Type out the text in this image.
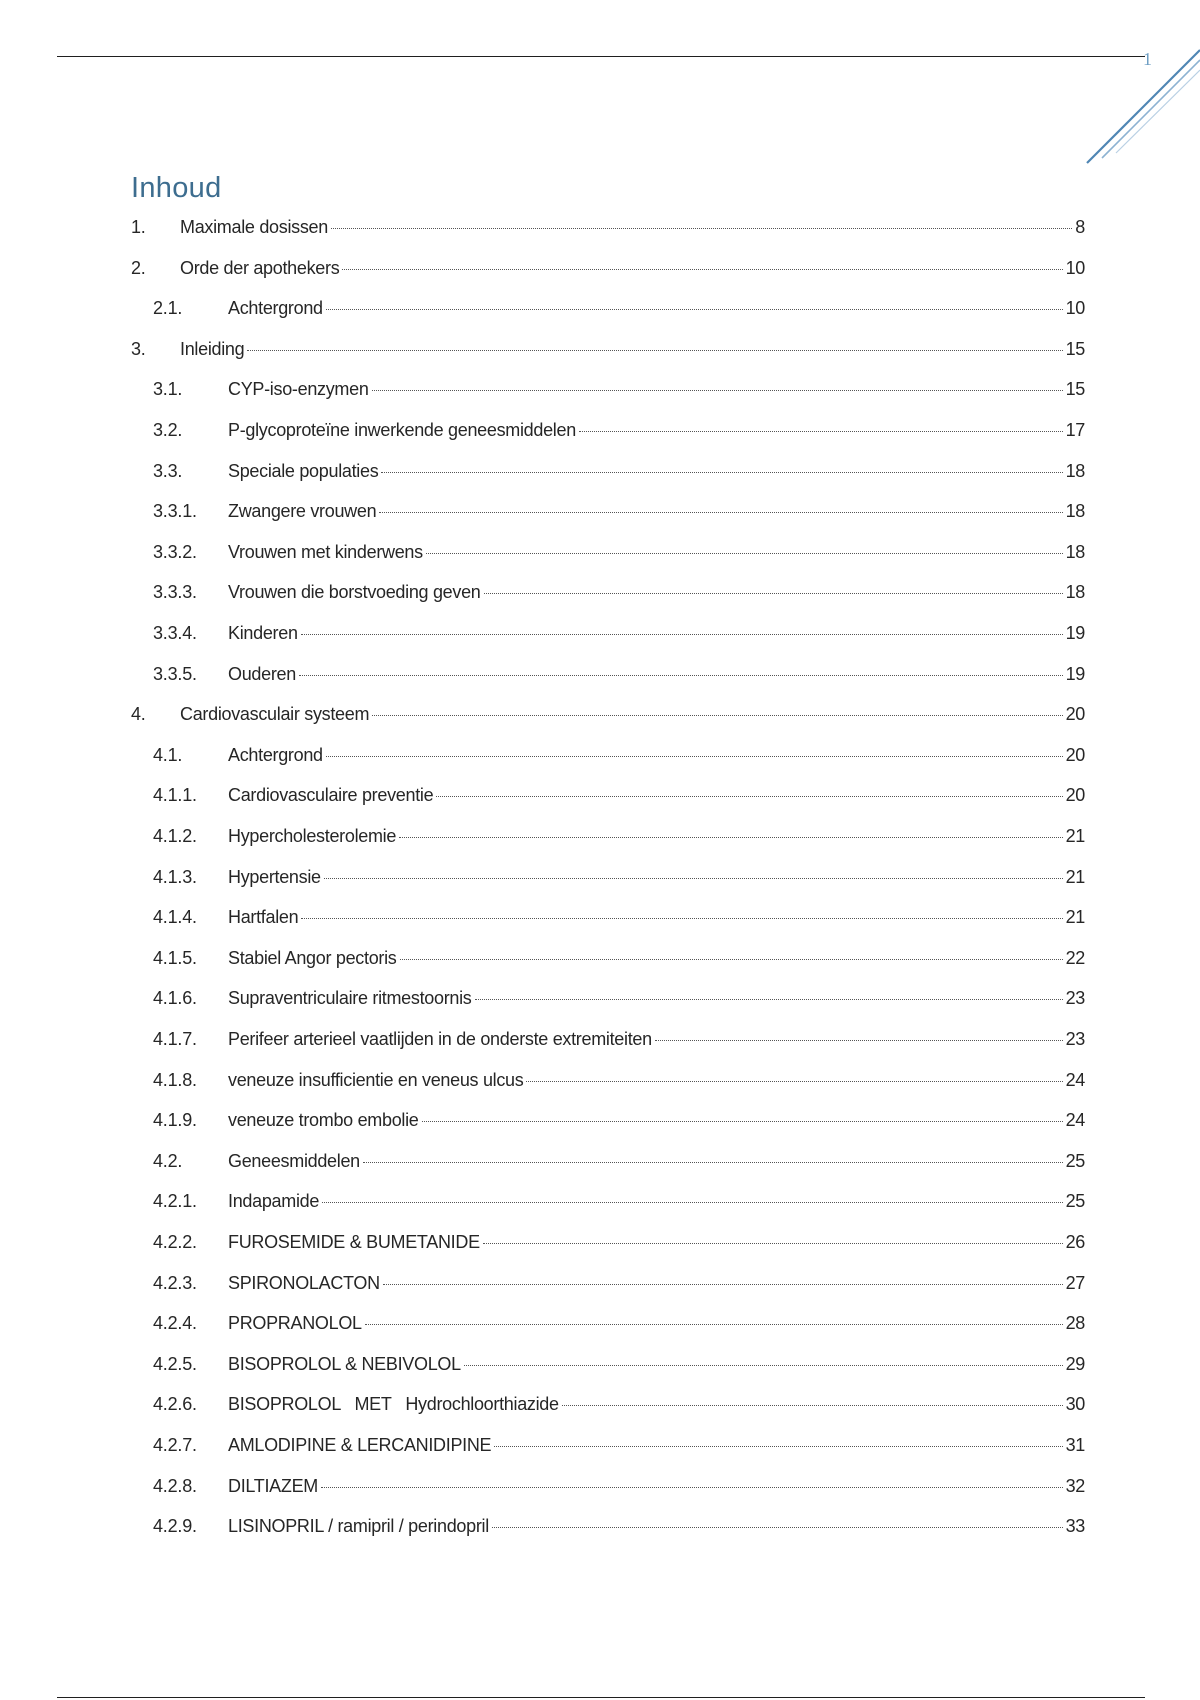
1
Inhoud
1. Maximale dosissen	8
2. Orde der apothekers	10
2.1.	Achtergrond	10
3. Inleiding	15
3.1.	CYP-iso-enzymen	15
3.2.	P-glycoproteïne inwerkende geneesmiddelen	17
3.3.	Speciale populaties	18
3.3.1. Zwangere vrouwen	18
3.3.2. Vrouwen met kinderwens	18
3.3.3. Vrouwen die borstvoeding geven	18
3.3.4. Kinderen	19
3.3.5. Ouderen	19
4. Cardiovasculair systeem	20
4.1.	Achtergrond	20
4.1.1. Cardiovasculaire preventie	20
4.1.2. Hypercholesterolemie	21
4.1.3. Hypertensie	21
4.1.4. Hartfalen	21
4.1.5. Stabiel Angor pectoris	22
4.1.6. Supraventriculaire ritmestoornis	23
4.1.7. Perifeer arterieel vaatlijden in de onderste extremiteiten	23
4.1.8. veneuze insufficientie en veneus ulcus	24
4.1.9. veneuze trombo embolie	24
4.2.	Geneesmiddelen	25
4.2.1. Indapamide	25
4.2.2. FUROSEMIDE & BUMETANIDE	26
4.2.3. SPIRONOLACTON	27
4.2.4. PROPRANOLOL	28
4.2.5. BISOPROLOL & NEBIVOLOL	29
4.2.6. BISOPROLOL   MET   Hydrochloorthiazide	30
4.2.7. AMLODIPINE & LERCANIDIPINE	31
4.2.8. DILTIAZEM	32
4.2.9. LISINOPRIL / ramipril / perindopril	33
